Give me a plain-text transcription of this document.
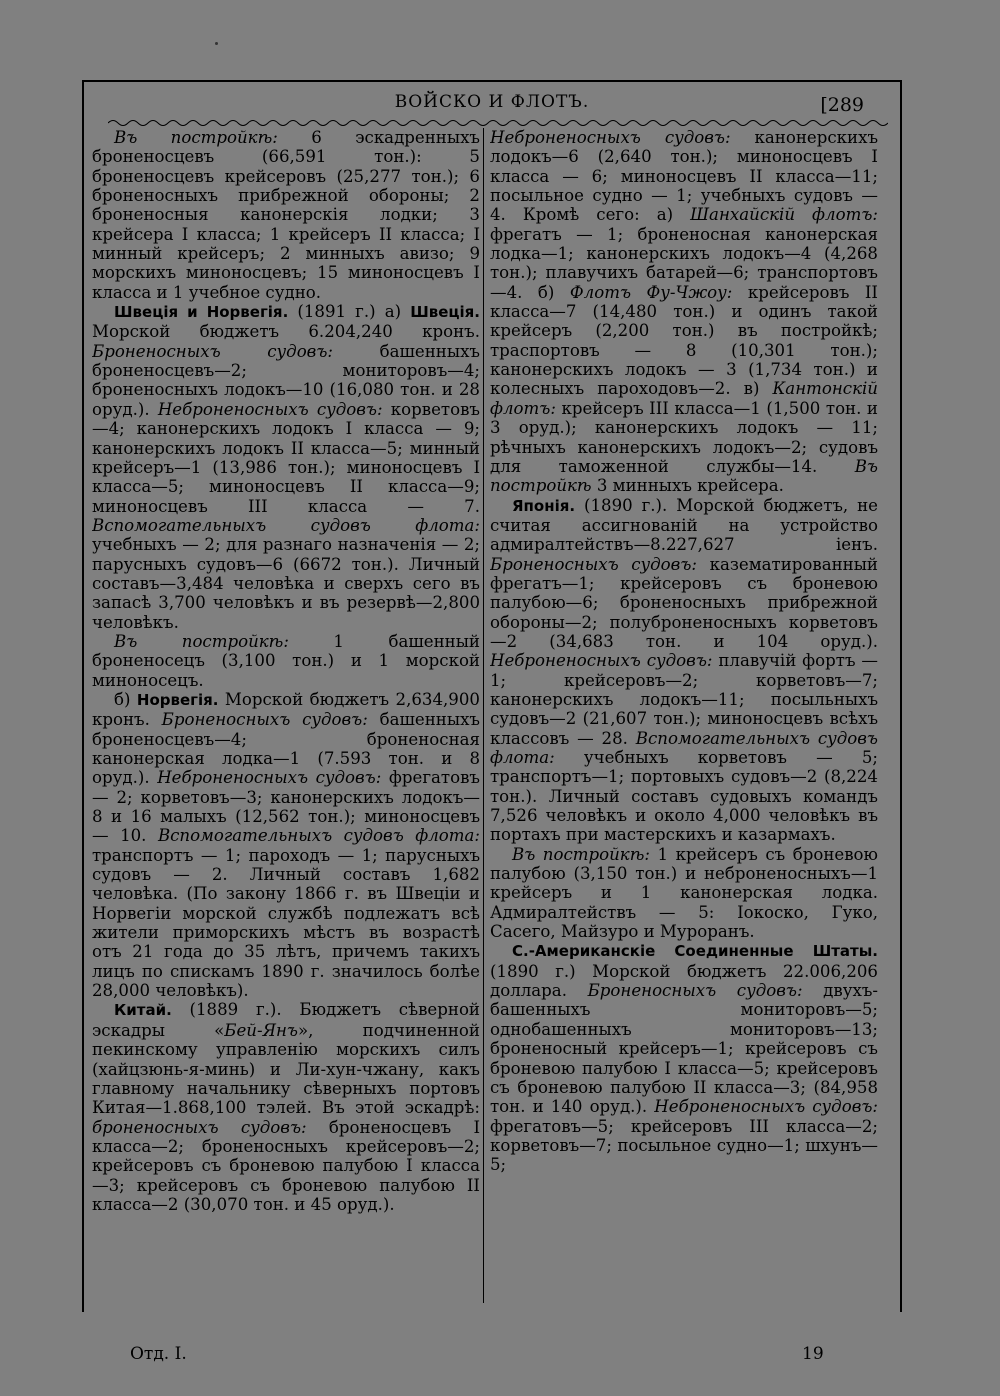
ВОЙСКО И ФЛОТЪ.	[289

Въ постройкѣ: 6 эскадренныхъ броненосцевъ (66,591 тон.): 5 броненосцевъ крейсеровъ (25,277 тон.); 6 броненосныхъ прибрежной обороны; 2 броненосныя канонерскія лодки; 3 крейсера I класса; 1 крейсеръ II класса; I минный крейсеръ; 2 минныхъ авизо; 9 морскихъ миноносцевъ; 15 миноносцевъ I класса и 1 учебное судно.

Швеція и Норвегія. (1891 г.) а) Швеція. Морской бюджетъ 6.204,240 кронъ. Броненосныхъ судовъ: башенныхъ броненосцевъ—2; мониторовъ—4; броненосныхъ лодокъ—10 (16,080 тон. и 28 оруд.). Неброненосныхъ судовъ: корветовъ —4; канонерскихъ лодокъ I класса — 9; канонерскихъ лодокъ II класса—5; минный крейсеръ—1 (13,986 тон.); миноносцевъ I класса—5; миноносцевъ II класса—9; миноносцевъ III класса — 7. Вспомогательныхъ судовъ флота: учебныхъ — 2; для разнаго назначенія — 2; парусныхъ судовъ—6 (6672 тон.). Личный составъ—3,484 человѣка и сверхъ сего въ запасѣ 3,700 человѣкъ и въ резервѣ—2,800 человѣкъ.

Въ постройкѣ: 1 башенный броненосецъ (3,100 тон.) и 1 морской миноносецъ.

б) Норвегія. Морской бюджетъ 2,634,900 кронъ. Броненосныхъ судовъ: башенныхъ броненосцевъ—4; броненосная канонерская лодка—1 (7.593 тон. и 8 оруд.). Неброненосныхъ судовъ: фрегатовъ — 2; корветовъ—3; канонерскихъ лодокъ—8 и 16 малыхъ (12,562 тон.); миноносцевъ — 10. Вспомогательныхъ судовъ флота: транспортъ — 1; пароходъ — 1; парусныхъ судовъ — 2. Личный составъ 1,682 человѣка. (По закону 1866 г. въ Швеціи и Норвегіи морской службѣ подлежатъ всѣ жители приморскихъ мѣстъ въ возрастѣ отъ 21 года до 35 лѣтъ, причемъ такихъ лицъ по спискамъ 1890 г. значилось болѣе 28,000 человѣкъ).

Китай. (1889 г.). Бюджетъ сѣверной эскадры «Бей-Янъ», подчиненной пекинскому управленію морскихъ силъ (хайцзюнь-я-минь) и Ли-хун-чжану, какъ главному начальнику сѣверныхъ портовъ Китая—1.868,100 тэлей. Въ этой эскадрѣ: броненосныхъ судовъ: броненосцевъ I класса—2; броненосныхъ крейсеровъ—2; крейсеровъ съ броневою палубою I класса—3; крейсеровъ съ броневою палубою II класса—2 (30,070 тон. и 45 оруд.).

Неброненосныхъ судовъ: канонерскихъ лодокъ—6 (2,640 тон.); миноносцевъ I класса — 6; миноносцевъ II класса—11; посыльное судно — 1; учебныхъ судовъ — 4. Кромѣ сего: а) Шанхайскій флотъ: фрегатъ — 1; броненосная канонерская лодка—1; канонерскихъ лодокъ—4 (4,268 тон.); плавучихъ батарей—6; транспортовъ—4. б) Флотъ Фу-Чжоу: крейсеровъ II класса—7 (14,480 тон.) и одинъ такой крейсеръ (2,200 тон.) въ постройкѣ; траспортовъ — 8 (10,301 тон.); канонерскихъ лодокъ — 3 (1,734 тон.) и колесныхъ пароходовъ—2. в) Кантонскій флотъ: крейсеръ III класса—1 (1,500 тон. и 3 оруд.); канонерскихъ лодокъ — 11; рѣчныхъ канонерскихъ лодокъ—2; судовъ для таможенной службы—14. Въ постройкѣ 3 минныхъ крейсера.

Японія. (1890 г.). Морской бюджетъ, не считая ассигнованій на устройство адмиралтействъ—8.227,627 іенъ. Броненосныхъ судовъ: казематированный фрегатъ—1; крейсеровъ съ броневою палубою—6; броненосныхъ прибрежной обороны—2; полуброненосныхъ корветовъ—2 (34,683 тон. и 104 оруд.). Неброненосныхъ судовъ: плавучій фортъ — 1; крейсеровъ—2; корветовъ—7; канонерскихъ лодокъ—11; посыльныхъ судовъ—2 (21,607 тон.); миноносцевъ всѣхъ классовъ — 28. Вспомогательныхъ судовъ флота: учебныхъ корветовъ — 5; транспортъ—1; портовыхъ судовъ—2 (8,224 тон.). Личный составъ судовыхъ командъ 7,526 человѣкъ и около 4,000 человѣкъ въ портахъ при мастерскихъ и казармахъ.

Въ постройкѣ: 1 крейсеръ съ броневою палубою (3,150 тон.) и неброненосныхъ—1 крейсеръ и 1 канонерская лодка. Адмиралтействъ — 5: Іокоско, Гуко, Сасего, Майзуро и Мурoранъ.

С.-Американскіе Соединенные Штаты. (1890 г.) Морской бюджетъ 22.006,206 доллара. Броненосныхъ судовъ: двухъ-башенныхъ мониторовъ—5; однобашенныхъ мониторовъ—13; броненосный крейсеръ—1; крейсеровъ съ броневою палубою I класса—5; крейсеровъ съ броневою палубою II класса—3; (84,958 тон. и 140 оруд.). Неброненосныхъ судовъ: фрегатовъ—5; крейсеровъ III класса—2; корветовъ—7; посыльное судно—1; шхунъ—5;

Отд. I.	19
